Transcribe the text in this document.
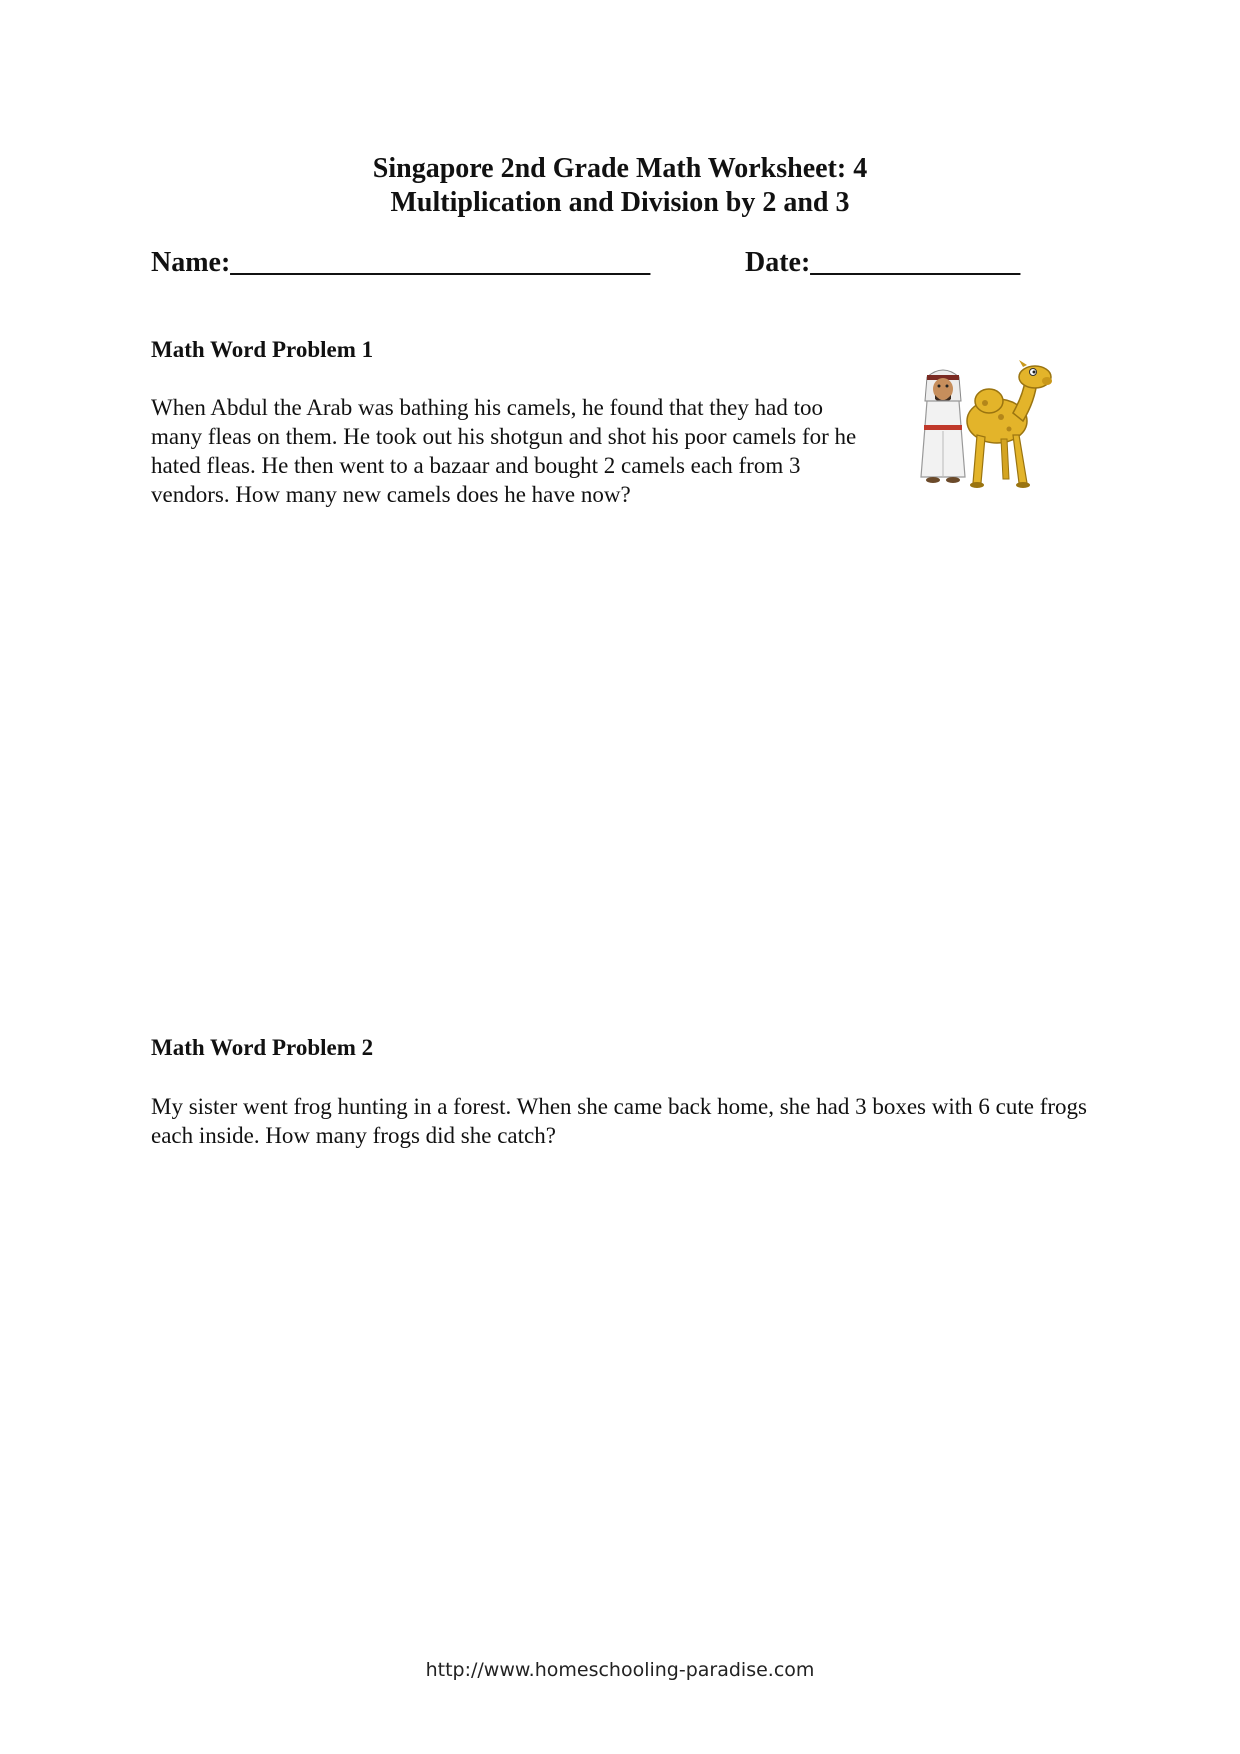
Singapore 2nd Grade Math Worksheet: 4
Multiplication and Division by 2 and 3
Name:______________________________	Date:_______________
Math Word Problem 1

When Abdul the Arab was bathing his camels, he found that they had too many fleas on them. He took out his shotgun and shot his poor camels for he hated fleas. He then went to a bazaar and bought 2 camels each from 3 vendors. How many new camels does he have now?

Math Word Problem 2

My sister went frog hunting in a forest. When she came back home, she had 3 boxes with 6 cute frogs each inside. How many frogs did she catch?

http://www.homeschooling-paradise.com
